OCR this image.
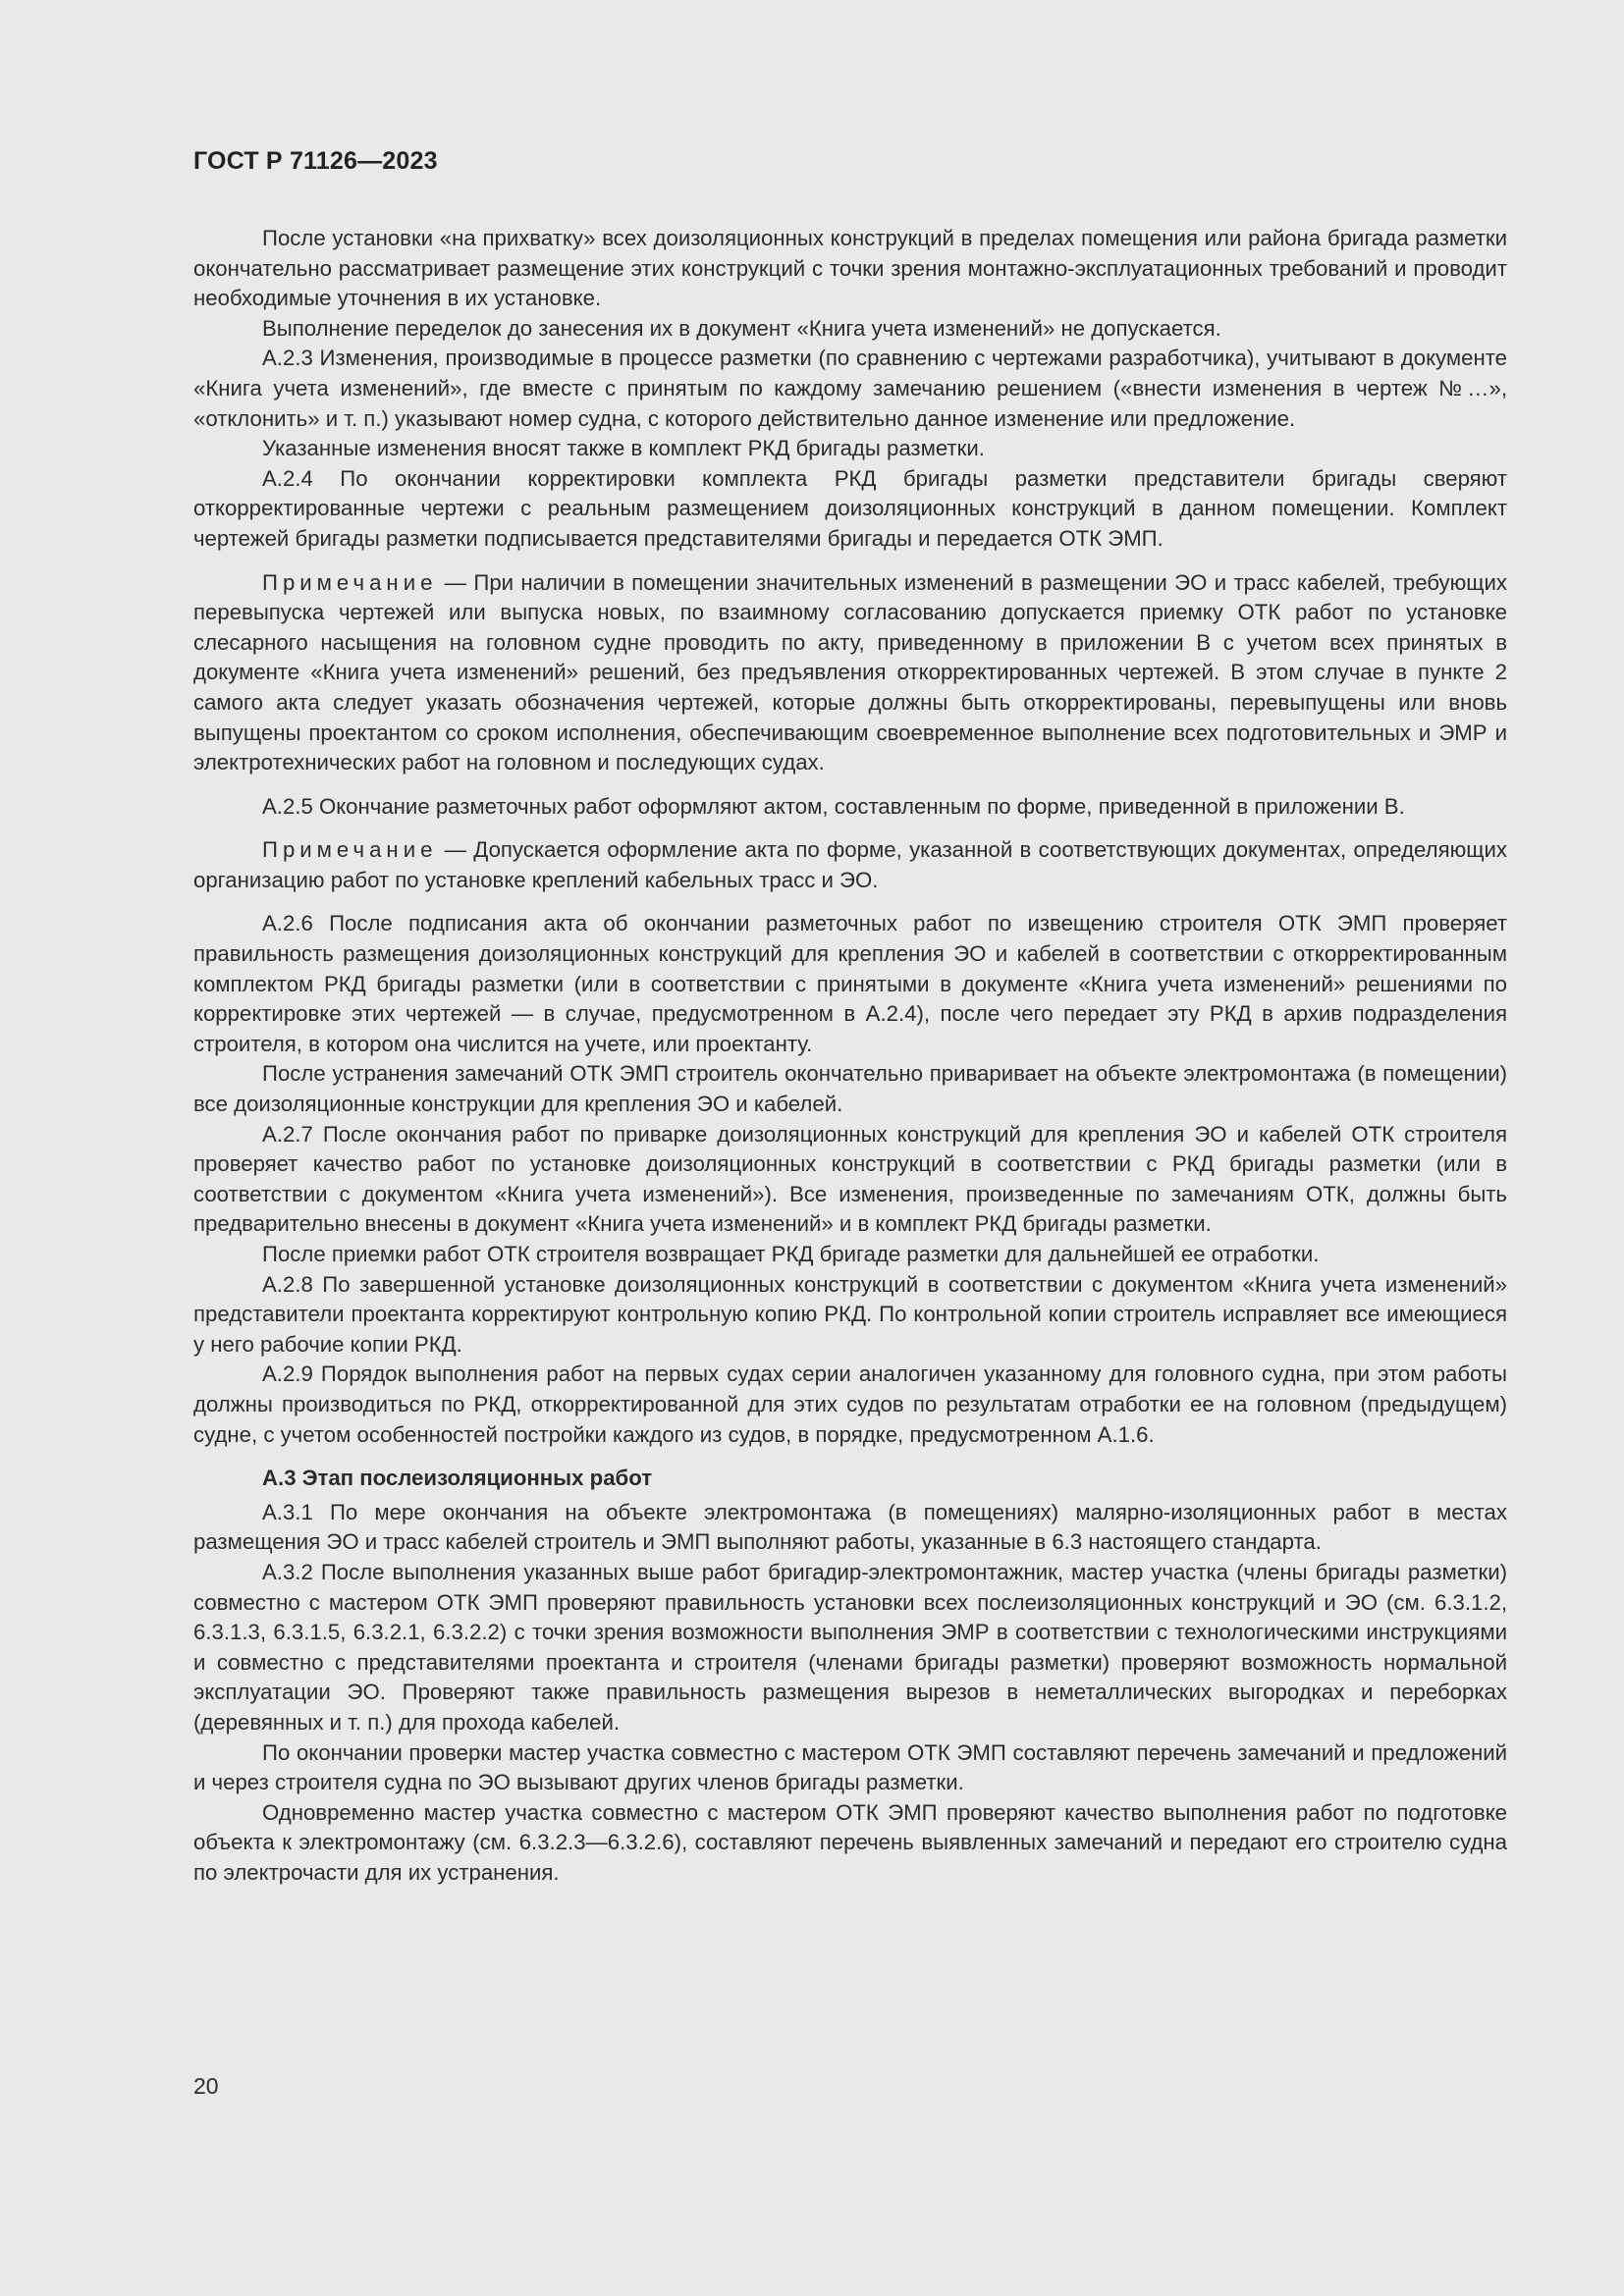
ГОСТ Р 71126—2023

После установки «на прихватку» всех доизоляционных конструкций в пределах помещения или района бригада разметки окончательно рассматривает размещение этих конструкций с точки зрения монтажно-эксплуатационных требований и проводит необходимые уточнения в их установке.

Выполнение переделок до занесения их в документ «Книга учета изменений» не допускается.

А.2.3 Изменения, производимые в процессе разметки (по сравнению с чертежами разработчика), учитывают в документе «Книга учета изменений», где вместе с принятым по каждому замечанию решением («внести изменения в чертеж №…», «отклонить» и т. п.) указывают номер судна, с которого действительно данное изменение или предложение.

Указанные изменения вносят также в комплект РКД бригады разметки.

А.2.4 По окончании корректировки комплекта РКД бригады разметки представители бригады сверяют откорректированные чертежи с реальным размещением доизоляционных конструкций в данном помещении. Комплект чертежей бригады разметки подписывается представителями бригады и передается ОТК ЭМП.

Примечание — При наличии в помещении значительных изменений в размещении ЭО и трасс кабелей, требующих перевыпуска чертежей или выпуска новых, по взаимному согласованию допускается приемку ОТК работ по установке слесарного насыщения на головном судне проводить по акту, приведенному в приложении В с учетом всех принятых в документе «Книга учета изменений» решений, без предъявления откорректированных чертежей. В этом случае в пункте 2 самого акта следует указать обозначения чертежей, которые должны быть откорректированы, перевыпущены или вновь выпущены проектантом со сроком исполнения, обеспечивающим своевременное выполнение всех подготовительных и ЭМР и электротехнических работ на головном и последующих судах.

А.2.5 Окончание разметочных работ оформляют актом, составленным по форме, приведенной в приложении В.

Примечание — Допускается оформление акта по форме, указанной в соответствующих документах, определяющих организацию работ по установке креплений кабельных трасс и ЭО.

А.2.6 После подписания акта об окончании разметочных работ по извещению строителя ОТК ЭМП проверяет правильность размещения доизоляционных конструкций для крепления ЭО и кабелей в соответствии с откорректированным комплектом РКД бригады разметки (или в соответствии с принятыми в документе «Книга учета изменений» решениями по корректировке этих чертежей — в случае, предусмотренном в А.2.4), после чего передает эту РКД в архив подразделения строителя, в котором она числится на учете, или проектанту.

После устранения замечаний ОТК ЭМП строитель окончательно приваривает на объекте электромонтажа (в помещении) все доизоляционные конструкции для крепления ЭО и кабелей.

А.2.7 После окончания работ по приварке доизоляционных конструкций для крепления ЭО и кабелей ОТК строителя проверяет качество работ по установке доизоляционных конструкций в соответствии с РКД бригады разметки (или в соответствии с документом «Книга учета изменений»). Все изменения, произведенные по замечаниям ОТК, должны быть предварительно внесены в документ «Книга учета изменений» и в комплект РКД бригады разметки.

После приемки работ ОТК строителя возвращает РКД бригаде разметки для дальнейшей ее отработки.

А.2.8 По завершенной установке доизоляционных конструкций в соответствии с документом «Книга учета изменений» представители проектанта корректируют контрольную копию РКД. По контрольной копии строитель исправляет все имеющиеся у него рабочие копии РКД.

А.2.9 Порядок выполнения работ на первых судах серии аналогичен указанному для головного судна, при этом работы должны производиться по РКД, откорректированной для этих судов по результатам отработки ее на головном (предыдущем) судне, с учетом особенностей постройки каждого из судов, в порядке, предусмотренном А.1.6.

А.3 Этап послеизоляционных работ

А.3.1 По мере окончания на объекте электромонтажа (в помещениях) малярно-изоляционных работ в местах размещения ЭО и трасс кабелей строитель и ЭМП выполняют работы, указанные в 6.3 настоящего стандарта.

А.3.2 После выполнения указанных выше работ бригадир-электромонтажник, мастер участка (члены бригады разметки) совместно с мастером ОТК ЭМП проверяют правильность установки всех послеизоляционных конструкций и ЭО (см. 6.3.1.2, 6.3.1.3, 6.3.1.5, 6.3.2.1, 6.3.2.2) с точки зрения возможности выполнения ЭМР в соответствии с технологическими инструкциями и совместно с представителями проектанта и строителя (членами бригады разметки) проверяют возможность нормальной эксплуатации ЭО. Проверяют также правильность размещения вырезов в неметаллических выгородках и переборках (деревянных и т. п.) для прохода кабелей.

По окончании проверки мастер участка совместно с мастером ОТК ЭМП составляют перечень замечаний и предложений и через строителя судна по ЭО вызывают других членов бригады разметки.

Одновременно мастер участка совместно с мастером ОТК ЭМП проверяют качество выполнения работ по подготовке объекта к электромонтажу (см. 6.3.2.3—6.3.2.6), составляют перечень выявленных замечаний и передают его строителю судна по электрочасти для их устранения.

20
